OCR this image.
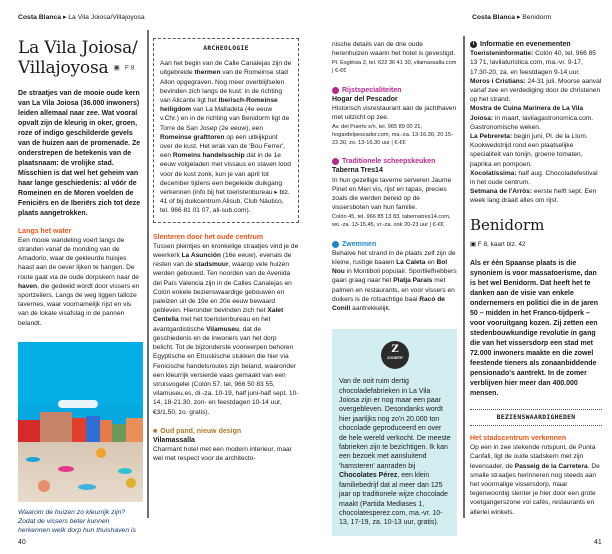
Costa Blanca ▸ La Vila Joiosa/Villajoyosa
La Vila Joiosa/ Villajoyosa ▣ F 8

De straatjes van de mooie oude kern van La Vila Joiosa (36.000 inwoners) leiden allemaal naar zee. Wat vooral opvalt zijn de kleurig in oker, groen, roze of indigo geschilderde gevels van de huizen aan de promenade. Ze onderstrepen de betekenis van de plaatsnaam: de vrolijke stad. Misschien is dat wel het geheim van haar lange geschiedenis: al vóór de Romeinen en de Moren voelden de Feniciërs en de Iberiërs zich tot deze plaats aangetrokken.

Langs het water

Een mooie wandeling voert langs de stranden vanaf de monding van de Amadorio, waar de gekleurde huisjes haast aan de oever lijken te hangen. De route gaat via de oude dorpskern naar de haven, die gedeeld wordt door vissers en sportzeilers. Langs de weg liggen talloze tavernes, waar voornamelijk rijst en vis van de lokale visafslag in de pannen belandt.

Waarom de huizen zo kleurrijk zijn? Zodat de vissers beter kunnen herkennen welk dorp hun thuishaven is

ARCHEOLOGIE

Aan het begin van de Calle Canalejas zijn de uitgebreide thermen van de Romeinse stad Allon opgegraven. Nog meer overblijfselen bevinden zich langs de kust: in de richting van Alicante ligt het Iberisch-Romeinse heiligdom van La Malladeta (4e eeuw v.Chr.) en in de richting van Benidorm ligt de Torre de San Josep (2e eeuw), een Romeinse grafttoren op een uitkijkpunt over de kust. Het wrak van de 'Bou Ferrer', een Romeins handelsschip dat in de 1e eeuw volgeladen met vissaus en staven lood voor de kust zonk, kun je van april tot december tijdens een begeleide duikgang verkennen (info bij het toeristenbureau ▸ blz. 41 of bij duikcentrum Alisub, Club Náutico, tel. 966 81 01 07, ali-sub.com).

Slenteren door het oude centrum

Tussen pleintjes en kronkelige straatjes vind je de weerkerk La Asunción (16e eeuw), evenals de resten van de stadsmuur, waarop vele huizen werden gebouwd. Ten noorden van de Avenida del País Valencia zijn in de Calles Canalejas en Colón enkele bezienswaardige gebouwen en paleizen uit de 19e en 20e eeuw bewaard gebleven. Hieronder bevinden zich het Xalet Centella met het toeristenbureau en het avantgardistische Vilamuseu, dat de geschiedenis en de inwoners van het dorp belicht. Tot de bijzonderste voorwerpen behoren Egyptische en Etruskische stukken die hier via Fenicische handelsroutes zijn beland, waaronder een kleurrijk versierde vaas gemaakt van een struisvogelei (Colón 57, tel. 966 50 83 55, vilamuseu.es, di.-za. 10-19, half juni-half sept. 10-14, 18-21.30, zon- en feestdagen 10-14 uur, €3/1,50, zo. gratis).

■ Oud pand, nieuw design
Vilamassalla

Charmant hotel met een modern interieur, maar wel met respect voor de architecto-

40
Costa Blanca ▸ Benidorm

nische details van de drie oude herenhuizen waarin het hotel is gevestigd.

Pl. Església 2, tel. 622 36 41 30, vilamassalla.com | €-€€

Rijstspecialiteiten
Hogar del Pescador

Historisch visrestaurant aan de jachthaven met uitzicht op zee.

Av. del Puerto s/n, tel. 965 89 00 21, hogardelpescador.com, ma.-za. 13-16.30, 20.15-22.30, zo. 13-16.30 uur | €-€€

Traditionele scheepskeuken
Taberna Tres14

In hun gezellige taverne serveren Jaume Pinet en Meri vis, rijst en tapas, precies zoals die werden bereid op de vissersboten van hun familie.

Colón 45, tel. 966 85 13 83, tabernatres14.com, wo.-za. 13-15.45, vr.-za. ook 20-23 uur | €-€€

Zwemmen

Behalve het strand in de plaats zelf zijn de kleine, rustige baaien La Caleta en Bol Nou in Montiboli populair. Sportliefhebbers gaan graag naar het Platja Paraís met palmen en restaurants, en voor vissers en duikers is de rotsachtige baai Racó de Conill aantrekkelijk.

Z
ZOOMTIP

Van de ooit ruim dertig chocoladefabrieken in La Vila Joiosa zijn er nog maar een paar overgebleven. Desondanks wordt hier jaarlijks nog zo'n 20.000 ton chocolade geproduceerd en over de hele wereld verkocht. De meeste fabrieken zijn te bezichtigen. Ik kan een bezoek met aansluitend 'hamsteren' aanraden bij Chocolates Pérez, een klein familiebedrijf dat al meer dan 125 jaar op traditionele wijze chocolade maakt (Partida Mediases 1, chocolatesperez.com, ma.-vr. 10-13, 17-19, za. 10-13 uur, gratis).

i Informatie en evenementen

Toeristeninformatie: Colón 40, tel. 966 85 13 71, lavilaturistica.com, ma.-vr. 9-17, 17.30-20, za. en feestdagen 9-14 uur.

Moros i Cristians: 24-31 juli. Moorse aanval vanaf zee en verdediging door de christenen op het strand.

Mostra de Cuina Marinera de La Vila Joiosa: in maart, lavilagastronomica.com. Gastronomische weken.

La Pebrereta: begin juni, Pl. de la Llum. Kookwedstrijd rond een plaatselijke specialiteit van tonijn, groene tomaten, paprika en pompoen.

Xocolatíssima: half aug. Chocoladefestival in het oude centrum.

Setmana de l'Arròs: eerste helft sept. Een week lang draait alles om rijst.

Benidorm
▣ F 8, kaart blz. 42

Als er één Spaanse plaats is die synoniem is voor massatoerisme, dan is het wel Benidorm. Dat heeft het te danken aan de visie van enkele ondernemers en politici die in de jaren 50 – midden in het Franco-tijdperk – voor vooruitgang kozen. Zij zetten een stedenbouwkundige revolutie in gang die van het vissersdorp een stad met 72.000 inwoners maakte en die zowel feestende tieners als zonaanbiddende pensionado's aantrekt. In de zomer verblijven hier meer dan 400.000 mensen.

BEZIENSWAARDIGHEDEN
Het stadscentrum verkennen

Op een in zee stekende rotspunt, de Punta Canfali, ligt de oude stadskern met zijn levensader, de Passeig de la Carretera. De smalle straatjes herinneren nog steeds aan het voormalige vissersdorp, maar tegenwoordig slenter je hier door een grote voetgangerszone vol cafés, restaurants en allerlei winkels.

41
